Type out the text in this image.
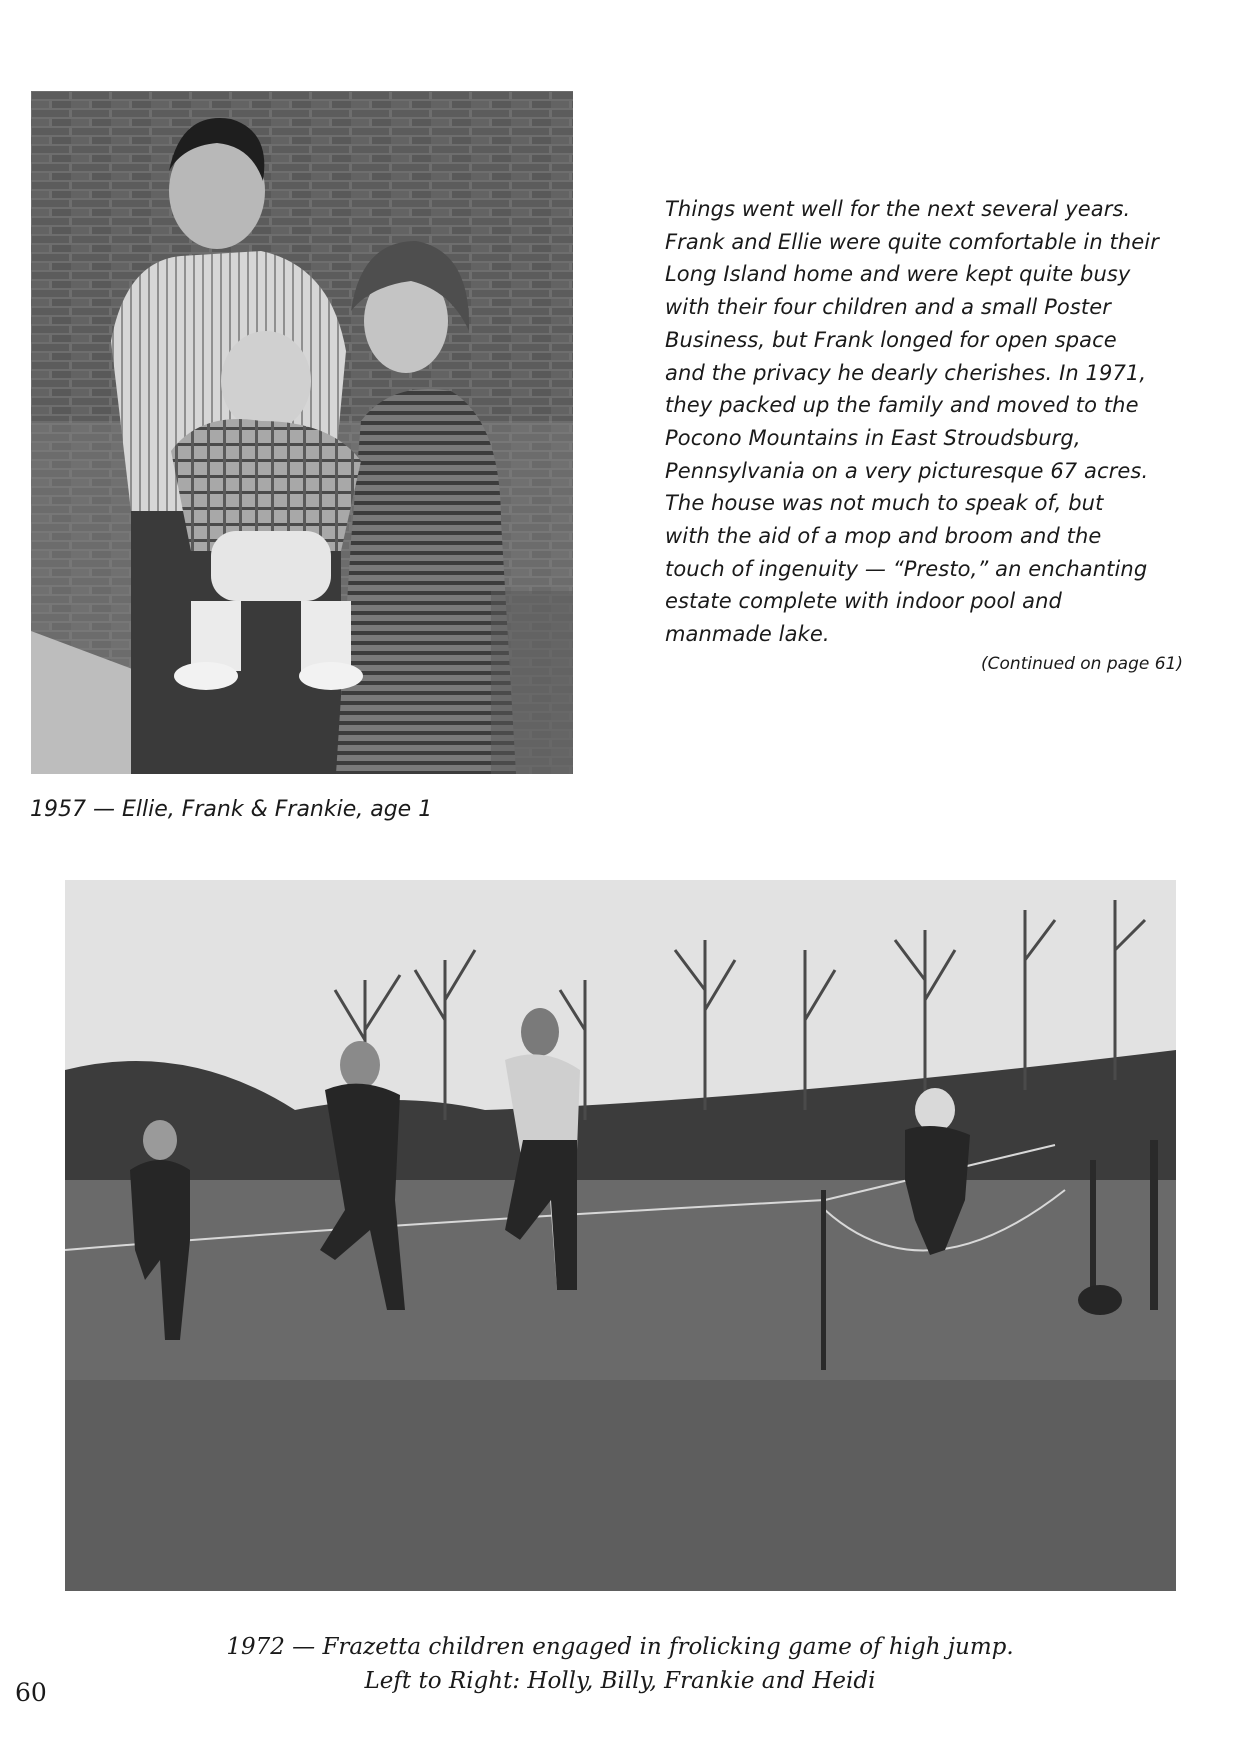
Things went well for the next several years.
Frank and Ellie were quite comfortable in their
Long Island home and were kept quite busy
with their four children and a small Poster
Business, but Frank longed for open space
and the privacy he dearly cherishes. In 1971,
they packed up the family and moved to the
Pocono Mountains in East Stroudsburg,
Pennsylvania on a very picturesque 67 acres.
The house was not much to speak of, but
with the aid of a mop and broom and the
touch of ingenuity — “Presto,” an enchanting
estate complete with indoor pool and
manmade lake.
(Continued on page 61)
1957 — Ellie, Frank & Frankie, age 1
1972 — Frazetta children engaged in frolicking game of high jump.
Left to Right: Holly, Billy, Frankie and Heidi
60
